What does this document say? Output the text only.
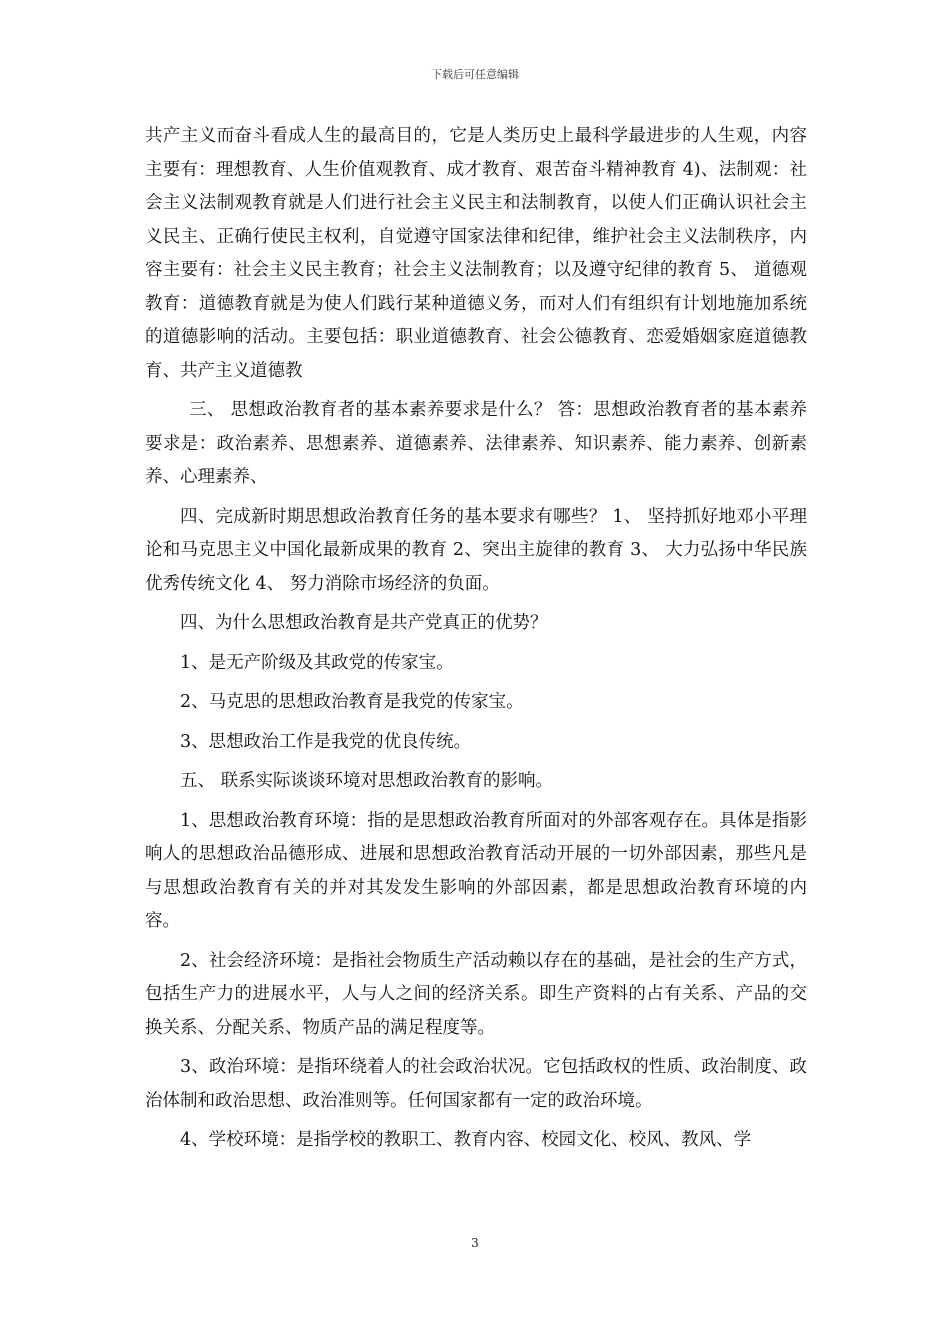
下载后可任意编辑

共产主义而奋斗看成人生的最高目的，它是人类历史上最科学最进步的人生观，内容主要有：理想教育、人生价值观教育、成才教育、艰苦奋斗精神教育 4)、法制观：社会主义法制观教育就是人们进行社会主义民主和法制教育，以使人们正确认识社会主义民主、正确行使民主权利，自觉遵守国家法律和纪律，维护社会主义法制秩序，内容主要有：社会主义民主教育；社会主义法制教育；以及遵守纪律的教育 5、 道德观教育：道德教育就是为使人们践行某种道德义务，而对人们有组织有计划地施加系统的道德影响的活动。主要包括：职业道德教育、社会公德教育、恋爱婚姻家庭道德教育、共产主义道德教

三、 思想政治教育者的基本素养要求是什么？ 答：思想政治教育者的基本素养要求是：政治素养、思想素养、道德素养、法律素养、知识素养、能力素养、创新素养、心理素养、

四、完成新时期思想政治教育任务的基本要求有哪些？ 1、 坚持抓好地邓小平理论和马克思主义中国化最新成果的教育 2、突出主旋律的教育 3、 大力弘扬中华民族优秀传统文化 4、 努力消除市场经济的负面。

四、为什么思想政治教育是共产党真正的优势？

1、是无产阶级及其政党的传家宝。

2、马克思的思想政治教育是我党的传家宝。

3、思想政治工作是我党的优良传统。

五、 联系实际谈谈环境对思想政治教育的影响。

1、思想政治教育环境：指的是思想政治教育所面对的外部客观存在。具体是指影响人的思想政治品德形成、进展和思想政治教育活动开展的一切外部因素，那些凡是与思想政治教育有关的并对其发发生影响的外部因素，都是思想政治教育环境的内容。

2、社会经济环境：是指社会物质生产活动赖以存在的基础，是社会的生产方式，包括生产力的进展水平，人与人之间的经济关系。即生产资料的占有关系、产品的交换关系、分配关系、物质产品的满足程度等。

3、政治环境：是指环绕着人的社会政治状况。它包括政权的性质、政治制度、政治体制和政治思想、政治准则等。任何国家都有一定的政治环境。

4、学校环境：是指学校的教职工、教育内容、校园文化、校风、教风、学

3
